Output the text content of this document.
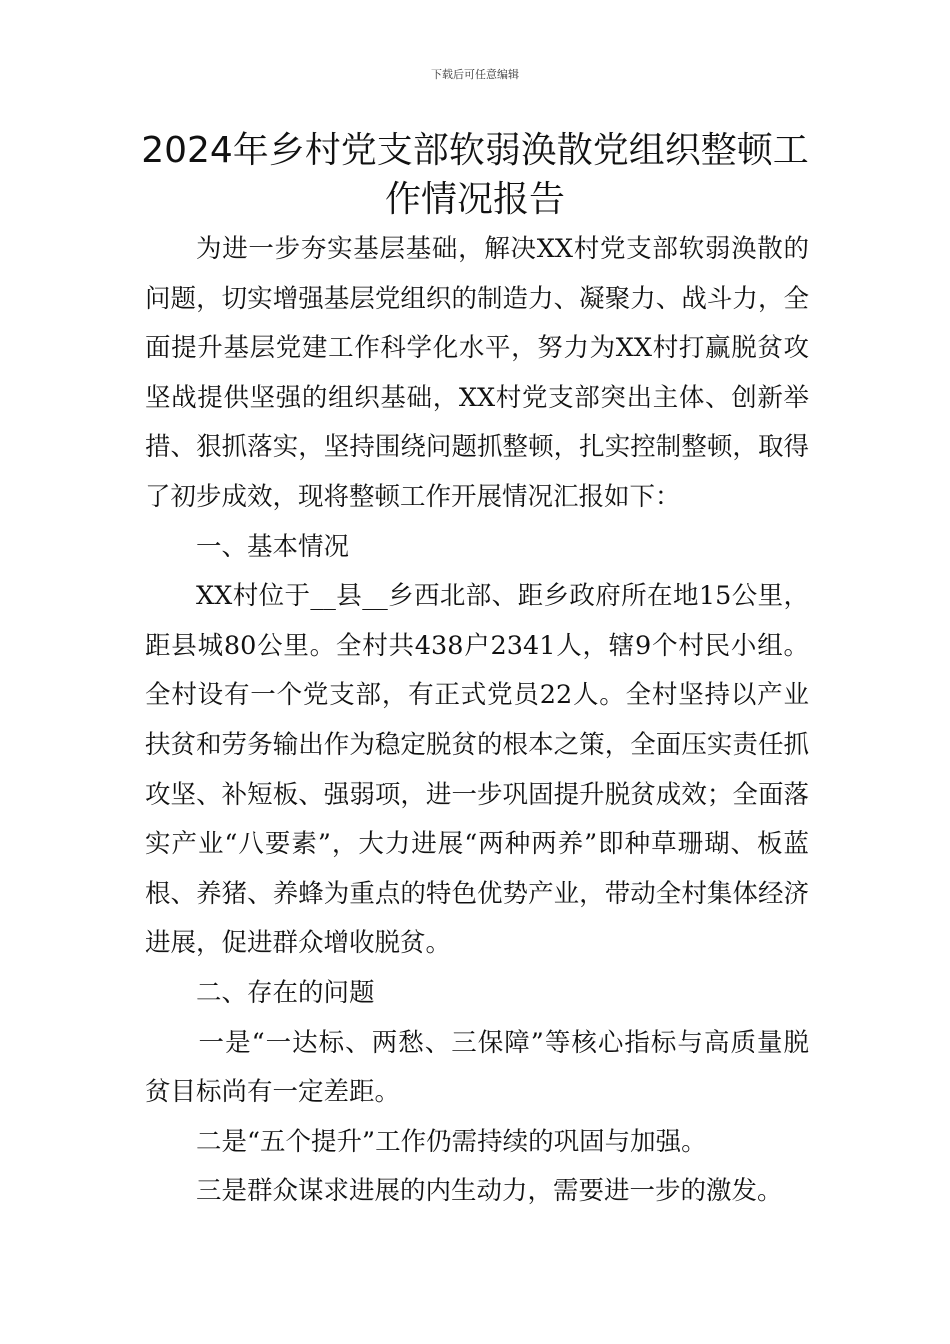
下载后可任意编辑
2024年乡村党支部软弱涣散党组织整顿工作情况报告

为进一步夯实基层基础，解决XX村党支部软弱涣散的问题，切实增强基层党组织的制造力、凝聚力、战斗力，全面提升基层党建工作科学化水平，努力为XX村打赢脱贫攻坚战提供坚强的组织基础，XX村党支部突出主体、创新举措、狠抓落实，坚持围绕问题抓整顿，扎实控制整顿，取得了初步成效，现将整顿工作开展情况汇报如下：

一、基本情况

XX村位于__县__乡西北部、距乡政府所在地15公里，距县城80公里。全村共438户2341人，辖9个村民小组。全村设有一个党支部，有正式党员22人。全村坚持以产业扶贫和劳务输出作为稳定脱贫的根本之策，全面压实责任抓攻坚、补短板、强弱项，进一步巩固提升脱贫成效；全面落实产业“八要素”，大力进展“两种两养”即种草珊瑚、板蓝根、养猪、养蜂为重点的特色优势产业，带动全村集体经济进展，促进群众增收脱贫。

二、存在的问题

一是“一达标、两愁、三保障”等核心指标与高质量脱贫目标尚有一定差距。

二是“五个提升”工作仍需持续的巩固与加强。

三是群众谋求进展的内生动力，需要进一步的激发。
